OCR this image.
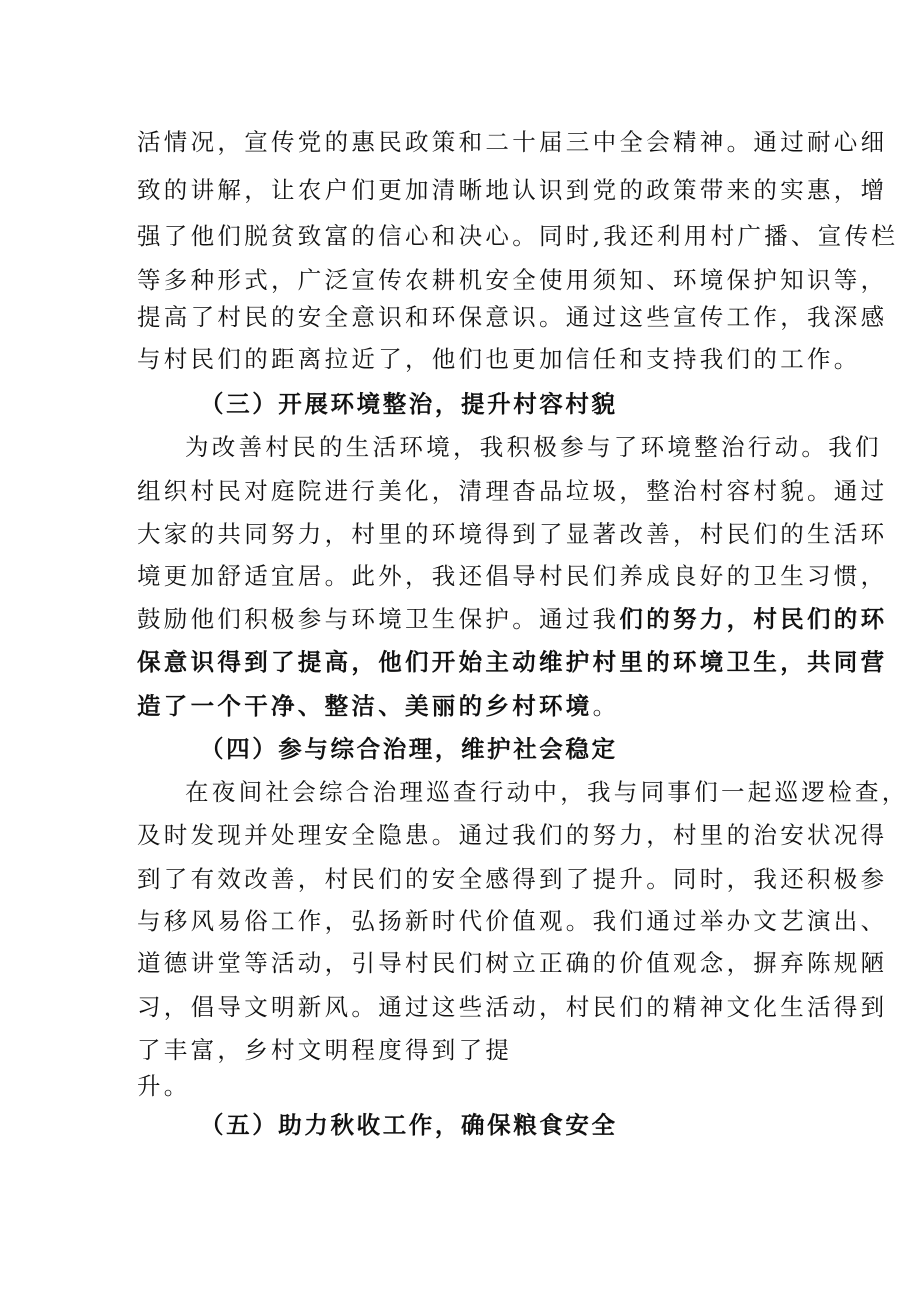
活情况，宣传党的惠民政策和二十届三中全会精神。通过耐心细
致的讲解，让农户们更加清晰地认识到党的政策带来的实惠，增
强了他们脱贫致富的信心和决心。同时,我还利用村广播、宣传栏
等多种形式，广泛宣传农耕机安全使用须知、环境保护知识等，
提高了村民的安全意识和环保意识。通过这些宣传工作，我深感
与村民们的距离拉近了，他们也更加信任和支持我们的工作。
（三）开展环境整治，提升村容村貌
为改善村民的生活环境，我积极参与了环境整治行动。我们
组织村民对庭院进行美化，清理杳品垃圾，整治村容村貌。通过
大家的共同努力，村里的环境得到了显著改善，村民们的生活环
境更加舒适宜居。此外，我还倡导村民们养成良好的卫生习惯，
鼓励他们积极参与环境卫生保护。通过我们的努力，村民们的环
保意识得到了提高，他们开始主动维护村里的环境卫生，共同营
造了一个干净、整洁、美丽的乡村环境。
（四）参与综合治理，维护社会稳定
在夜间社会综合治理巡查行动中，我与同事们一起巡逻检查，
及时发现并处理安全隐患。通过我们的努力，村里的治安状况得
到了有效改善，村民们的安全感得到了提升。同时，我还积极参
与移风易俗工作，弘扬新时代价值观。我们通过举办文艺演出、
道德讲堂等活动，引导村民们树立正确的价值观念，摒弃陈规陋
习，倡导文明新风。通过这些活动，村民们的精神文化生活得到
了丰富，乡村文明程度得到了提
升。
（五）助力秋收工作，确保粮食安全
